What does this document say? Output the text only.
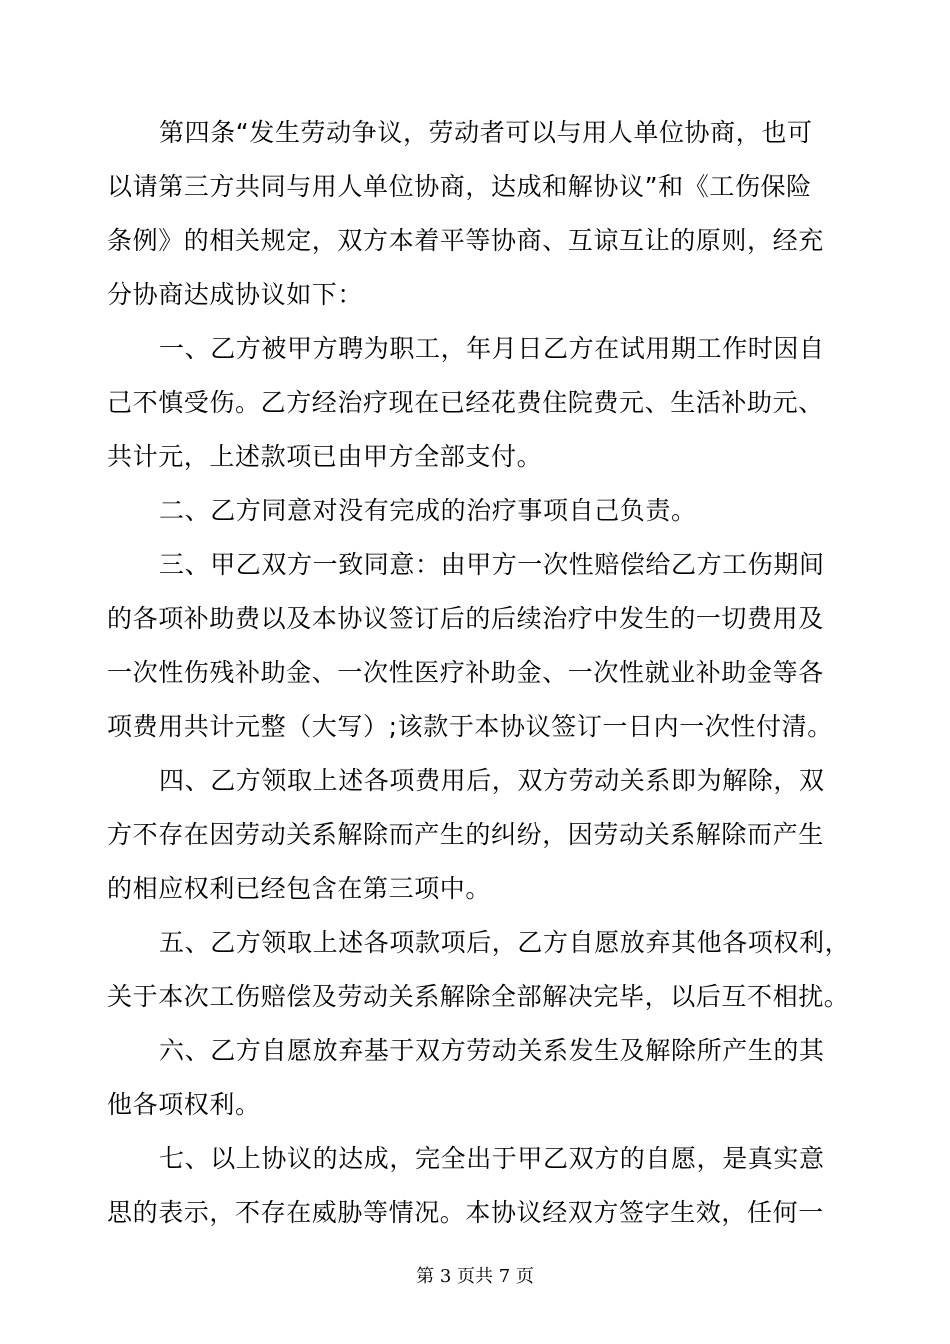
第四条“发生劳动争议，劳动者可以与用人单位协商，也可
以请第三方共同与用人单位协商，达成和解协议”和《工伤保险
条例》的相关规定，双方本着平等协商、互谅互让的原则，经充
分协商达成协议如下：
一、乙方被甲方聘为职工，年月日乙方在试用期工作时因自
己不慎受伤。乙方经治疗现在已经花费住院费元、生活补助元、
共计元，上述款项已由甲方全部支付。
二、乙方同意对没有完成的治疗事项自己负责。
三、甲乙双方一致同意：由甲方一次性赔偿给乙方工伤期间
的各项补助费以及本协议签订后的后续治疗中发生的一切费用及
一次性伤残补助金、一次性医疗补助金、一次性就业补助金等各
项费用共计元整（大写）;该款于本协议签订一日内一次性付清。
四、乙方领取上述各项费用后，双方劳动关系即为解除，双
方不存在因劳动关系解除而产生的纠纷，因劳动关系解除而产生
的相应权利已经包含在第三项中。
五、乙方领取上述各项款项后，乙方自愿放弃其他各项权利，
关于本次工伤赔偿及劳动关系解除全部解决完毕，以后互不相扰。
六、乙方自愿放弃基于双方劳动关系发生及解除所产生的其
他各项权利。
七、以上协议的达成，完全出于甲乙双方的自愿，是真实意
思的表示，不存在威胁等情况。本协议经双方签字生效，任何一
第 3 页共 7 页
